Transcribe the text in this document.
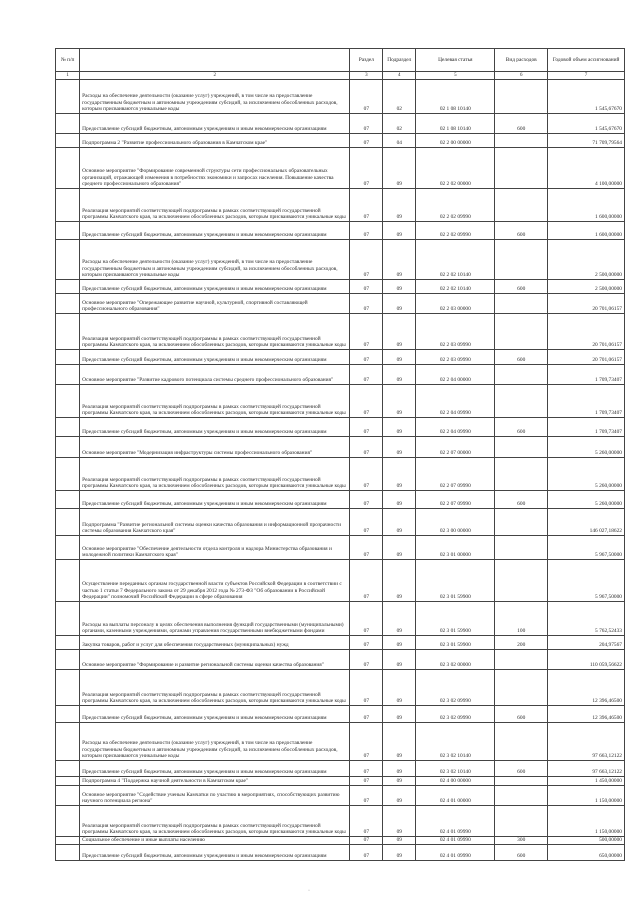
№ п/п		Раздел	Подраздел	Целевая статья	Вид расходов	Годовой объем ассигнований
1	2	3	4	5	6	7
	Расходы на обеспечение деятельности (оказание услуг) учреждений, в том числе на предоставление государственным бюджетным и автономным учреждениям субсидий, за исключением обособленных расходов, которым присваиваются уникальные коды	07	02	02 1 08 10140		1 545,67670
	Предоставление субсидий бюджетным, автономным учреждениям и иным некоммерческим организациям	07	02	02 1 08 10140	600	1 545,67670
	Подпрограмма 2 "Развитие профессионального образования в Камчатском крае"	07	04	02 2 00 00000		71 709,79564
	Основное мероприятие "Формирование современной структуры сети профессиональных образовательных организаций, отражающей изменения в потребностях экономики и запросах населения. Повышение качества среднего профессионального образования"	07	09	02 2 02 00000		4 100,00000
	Реализация мероприятий соответствующей подпрограммы в рамках соответствующей государственной программы Камчатского края, за исключением обособленных расходов, которым присваиваются уникальные коды	07	09	02 2 02 09990		1 600,00000
	Предоставление субсидий бюджетным, автономным учреждениям и иным некоммерческим организациям	07	09	02 2 02 09990	600	1 600,00000
	Расходы на обеспечение деятельности (оказание услуг) учреждений, в том числе на предоставление государственным бюджетным и автономным учреждениям субсидий, за исключением обособленных расходов, которым присваиваются уникальные коды	07	09	02 2 02 10140		2 500,00000
	Предоставление субсидий бюджетным, автономным учреждениям и иным некоммерческим организациям	07	09	02 2 02 10140	600	2 500,00000
	Основное мероприятие "Опережающее развитие научной, культурной, спортивной составляющей профессионального образования"	07	09	02 2 03 00000		20 701,06157
	Реализация мероприятий соответствующей подпрограммы в рамках соответствующей государственной программы Камчатского края, за исключением обособленных расходов, которым присваиваются уникальные коды	07	09	02 2 03 09990		20 701,06157
	Предоставление субсидий бюджетным, автономным учреждениям и иным некоммерческим организациям	07	09	02 2 03 09990	600	20 701,06157
	Основное мероприятие "Развитие кадрового потенциала системы среднего профессионального образования"	07	09	02 2 04 00000		1 709,73407
	Реализация мероприятий соответствующей подпрограммы в рамках соответствующей государственной программы Камчатского края, за исключением обособленных расходов, которым присваиваются уникальные коды	07	09	02 2 04 09990		1 709,73407
	Предоставление субсидий бюджетным, автономным учреждениям и иным некоммерческим организациям	07	09	02 2 04 09990	600	1 709,73407
	Основное мероприятие "Модернизация инфраструктуры системы профессионального образования"	07	09	02 2 07 00000		5 260,00000
	Реализация мероприятий соответствующей подпрограммы в рамках соответствующей государственной программы Камчатского края, за исключением обособленных расходов, которым присваиваются уникальные коды	07	09	02 2 07 09990		5 260,00000
	Предоставление субсидий бюджетным, автономным учреждениям и иным некоммерческим организациям	07	09	02 2 07 09990	600	5 260,00000
	Подпрограмма "Развитие региональной системы оценки качества образования и информационной прозрачности системы образования Камчатского края"	07	09	02 3 00 00000		146 027,18622
	Основное мероприятие "Обеспечение деятельности отдела контроля и надзора Министерства образования и молодежной политики Камчатского края"	07	09	02 3 01 00000		5 967,50000
	Осуществление переданных органам государственной власти субъектов Российской Федерации в соответствии с частью 1 статьи 7 Федерального закона от 29 декабря 2012 года № 273-ФЗ "Об образовании в Российской Федерации" полномочий Российской Федерации в сфере образования	07	09	02 3 01 59900		5 967,50000
	Расходы на выплаты персоналу в целях обеспечения выполнения функций государственными (муниципальными) органами, казенными учреждениями, органами управления государственными внебюджетными фондами	07	09	02 3 01 59900	100	5 762,52433
	Закупка товаров, работ и услуг для обеспечения государственных (муниципальных) нужд	07	09	02 3 01 59900	200	204,97567
	Основное мероприятие "Формирование и развитие региональной системы оценки качества образования"	07	09	02 3 02 00000		110 059,56622
	Реализация мероприятий соответствующей подпрограммы в рамках соответствующей государственной программы Камчатского края, за исключением обособленных расходов, которым присваиваются уникальные коды	07	09	02 3 02 09990		12 396,46500
	Предоставление субсидий бюджетным, автономным учреждениям и иным некоммерческим организациям	07	09	02 3 02 09990	600	12 396,46500
	Расходы на обеспечение деятельности (оказание услуг) учреждений, в том числе на предоставление государственным бюджетным и автономным учреждениям субсидий, за исключением обособленных расходов, которым присваиваются уникальные коды	07	09	02 3 02 10140		97 663,12122
	Предоставление субсидий бюджетным, автономным учреждениям и иным некоммерческим организациям	07	09	02 3 02 10140	600	97 663,12122
	Подпрограмма 4 "Поддержка научной деятельности в Камчатском крае"	07	09	02 4 00 00000		1 450,00000
	Основное мероприятие "Содействие ученым Камчатки по участию в мероприятиях, способствующих развитию научного потенциала региона"	07	09	02 4 01 00000		1 150,00000
	Реализация мероприятий соответствующей подпрограммы в рамках соответствующей государственной программы Камчатского края, за исключением обособленных расходов, которым присваиваются уникальные коды	07	09	02 4 01 09990		1 150,00000
	Социальное обеспечение и иные выплаты населению	07	09	02 4 01 09990	300	500,00000
	Предоставление субсидий бюджетным, автономным учреждениям и иным некоммерческим организациям	07	09	02 4 01 09990	600	650,00000
·
